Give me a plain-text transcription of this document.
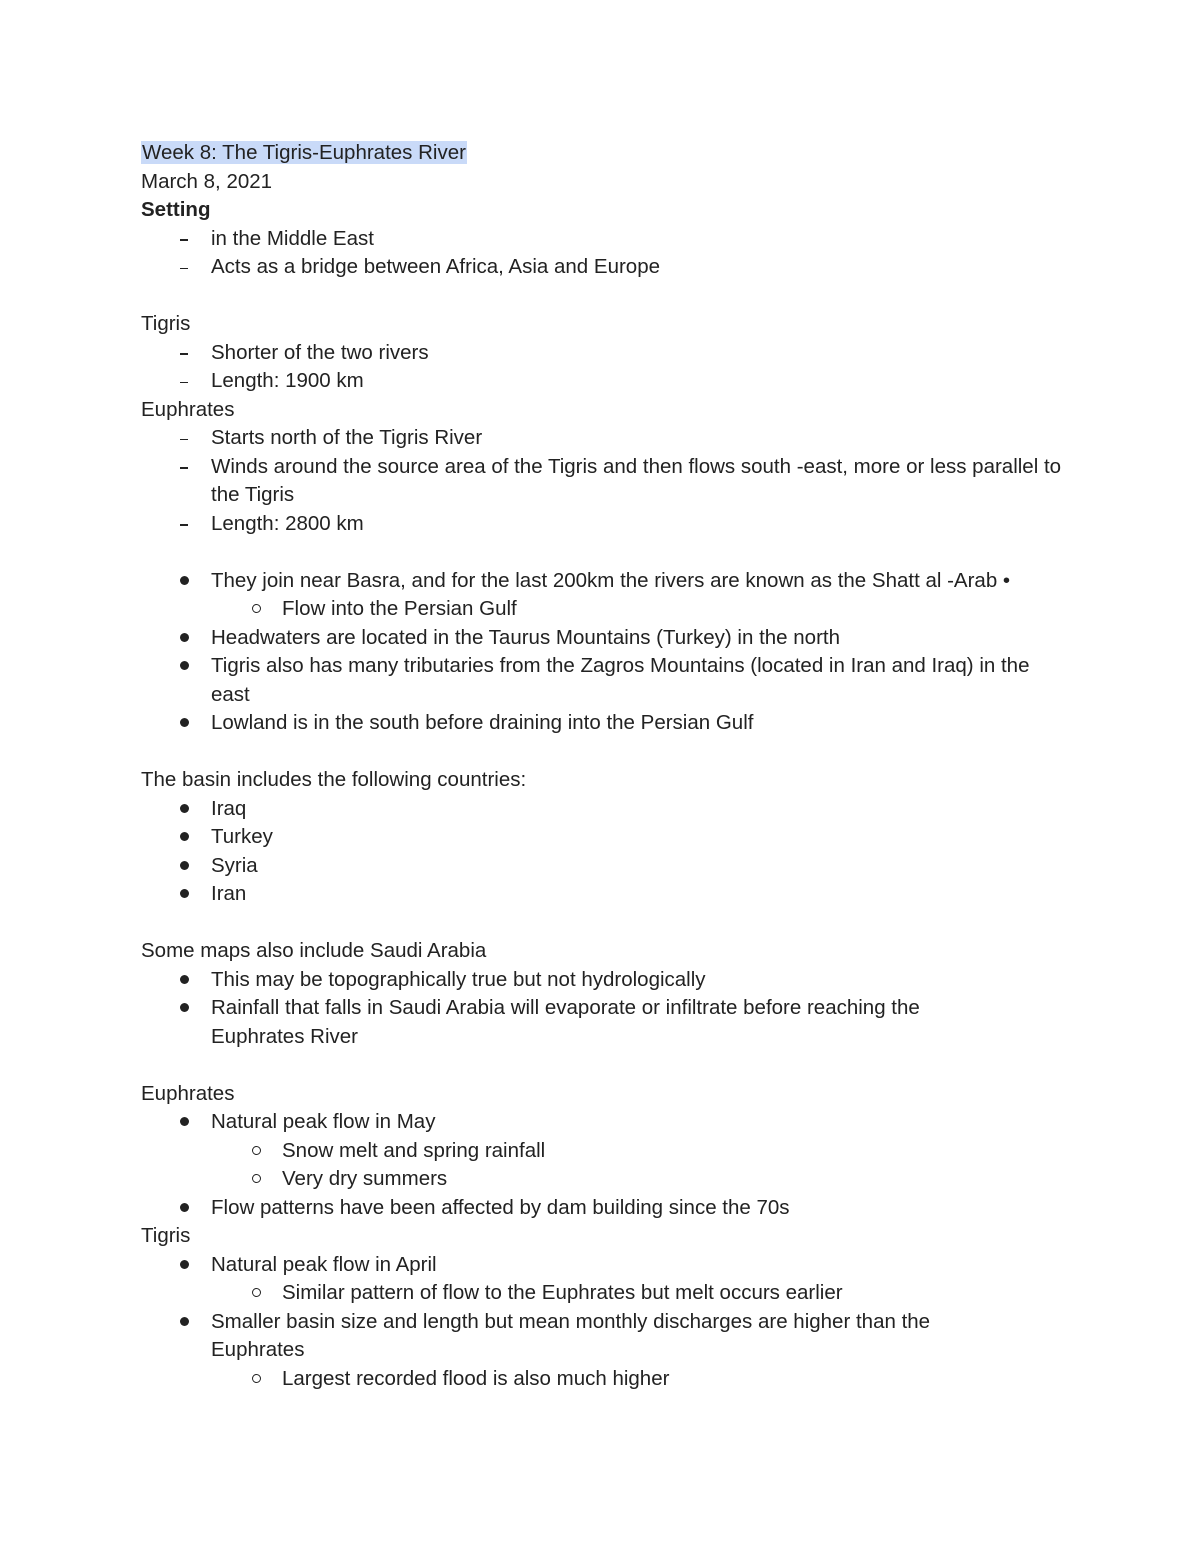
Week 8: The Tigris-Euphrates River

March 8, 2021

Setting

in the Middle East
Acts as a bridge between Africa, Asia and Europe

Tigris

Shorter of the two rivers
Length: 1900 km

Euphrates

Starts north of the Tigris River
Winds around the source area of the Tigris and then flows south -east, more or less parallel to the Tigris
Length: 2800 km
They join near Basra, and for the last 200km the rivers are known as the Shatt al -Arab •
Flow into the Persian Gulf
Headwaters are located in the Taurus Mountains (Turkey) in the north
Tigris also has many tributaries from the Zagros Mountains (located in Iran and Iraq) in the east
Lowland is in the south before draining into the Persian Gulf

The basin includes the following countries:

Iraq
Turkey
Syria
Iran

Some maps also include Saudi Arabia

This may be topographically true but not hydrologically
Rainfall that falls in Saudi Arabia will evaporate or infiltrate before reaching the Euphrates River

Euphrates

Natural peak flow in May
Snow melt and spring rainfall
Very dry summers
Flow patterns have been affected by dam building since the 70s

Tigris

Natural peak flow in April
Similar pattern of flow to the Euphrates but melt occurs earlier
Smaller basin size and length but mean monthly discharges are higher than the Euphrates
Largest recorded flood is also much higher
